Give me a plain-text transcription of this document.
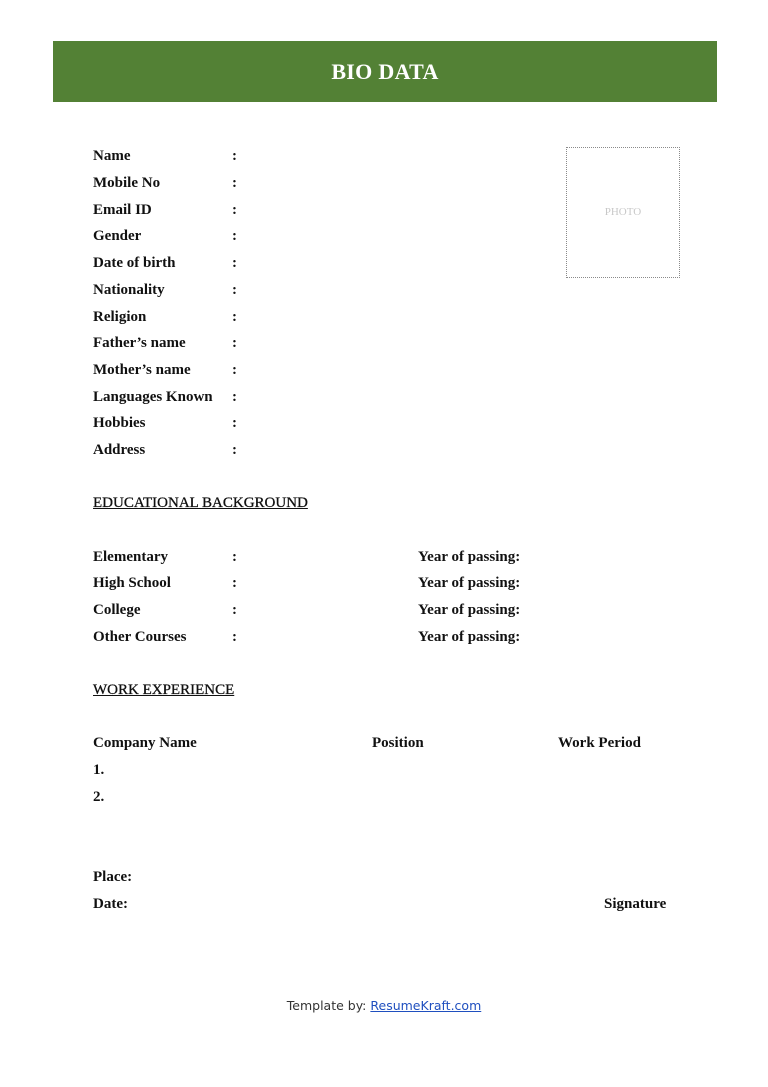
BIO DATA
Name	:
Mobile No	:
Email ID	:
Gender	:
Date of birth	:
Nationality	:
Religion	:
Father’s name	:
Mother’s name	:
Languages Known :
Hobbies	:
Address	:
PHOTO
EDUCATIONAL BACKGROUND
Elementary	:	Year of passing:
High School	:	Year of passing:
College	:	Year of passing:
Other Courses	:	Year of passing:
WORK EXPERIENCE
Company Name	Position	Work Period
1.
2.
Place:
Date:	Signature
Template by: ResumeKraft.com
